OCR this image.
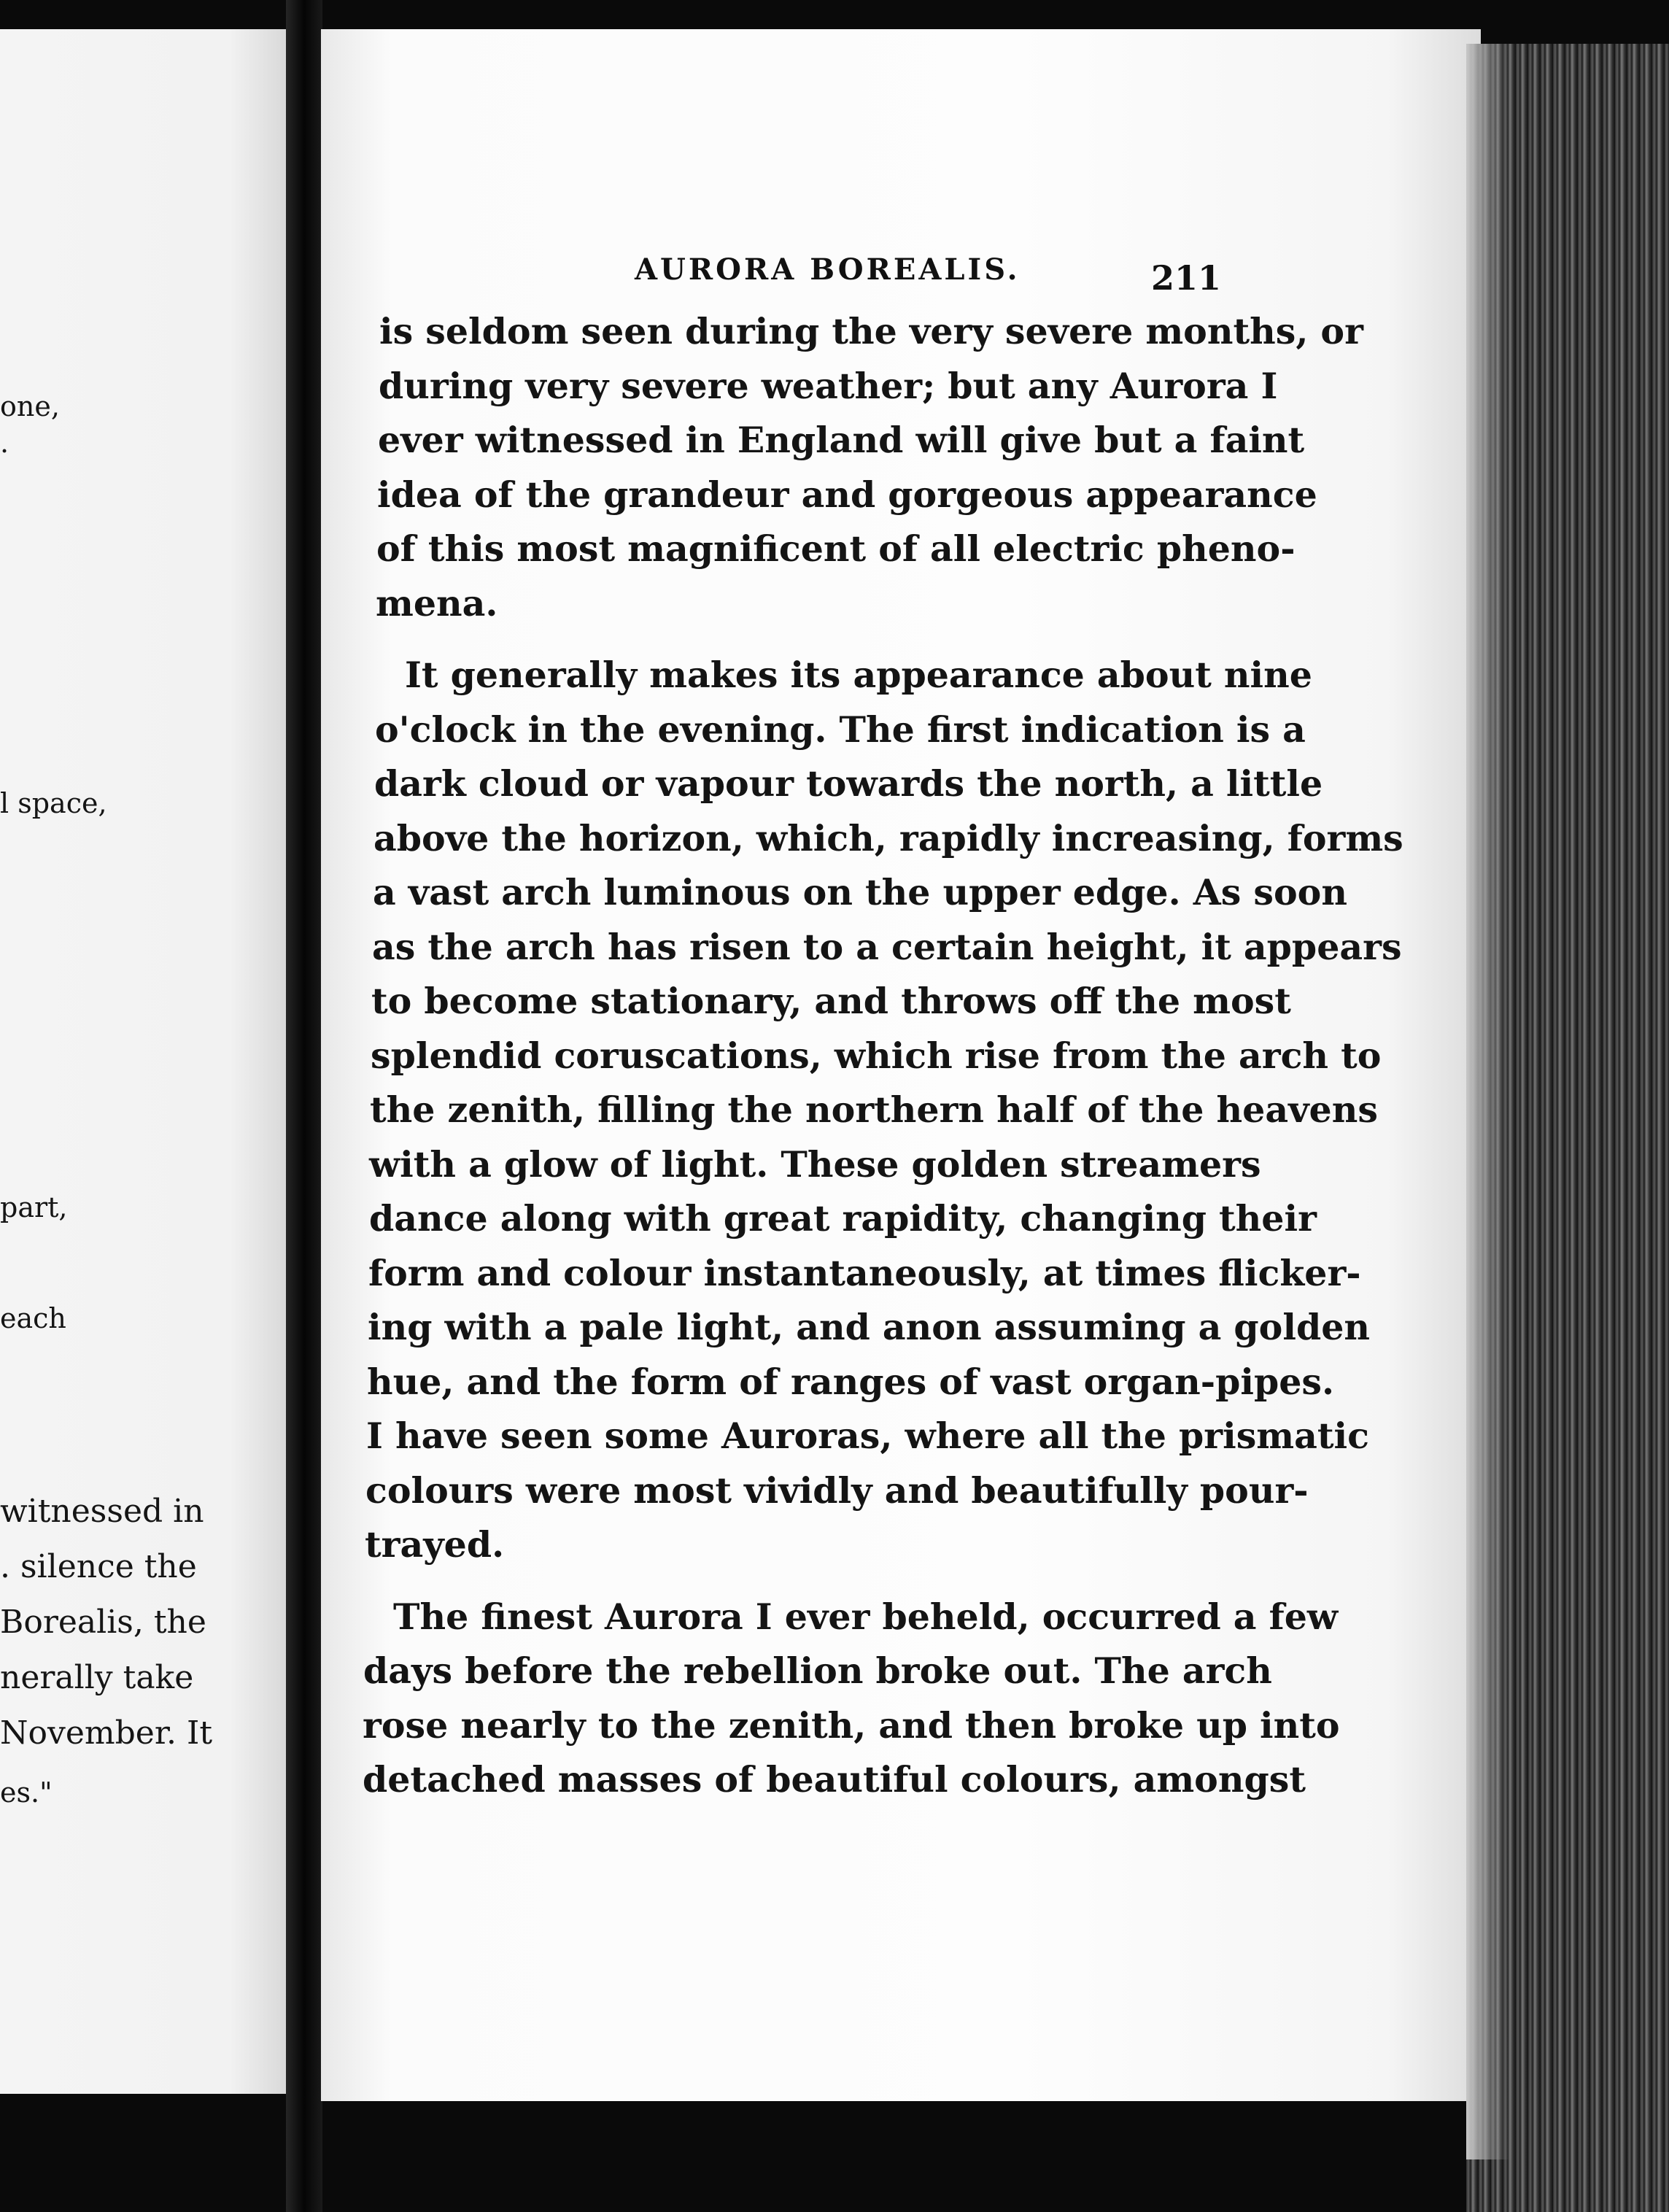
one,
.
l space,
part,
each
witnessed in
. silence the
Borealis, the
nerally take
November. It
es."
AURORA BOREALIS.	211
is seldom seen during the very severe months, or
during very severe weather; but any Aurora I
ever witnessed in England will give but a faint
idea of the grandeur and gorgeous appearance
of this most magnificent of all electric pheno-
mena.
It generally makes its appearance about nine
o'clock in the evening. The first indication is a
dark cloud or vapour towards the north, a little
above the horizon, which, rapidly increasing, forms
a vast arch luminous on the upper edge. As soon
as the arch has risen to a certain height, it appears
to become stationary, and throws off the most
splendid coruscations, which rise from the arch to
the zenith, filling the northern half of the heavens
with a glow of light. These golden streamers
dance along with great rapidity, changing their
form and colour instantaneously, at times flicker-
ing with a pale light, and anon assuming a golden
hue, and the form of ranges of vast organ-pipes.
I have seen some Auroras, where all the prismatic
colours were most vividly and beautifully pour-
trayed.
The finest Aurora I ever beheld, occurred a few
days before the rebellion broke out. The arch
rose nearly to the zenith, and then broke up into
detached masses of beautiful colours, amongst
